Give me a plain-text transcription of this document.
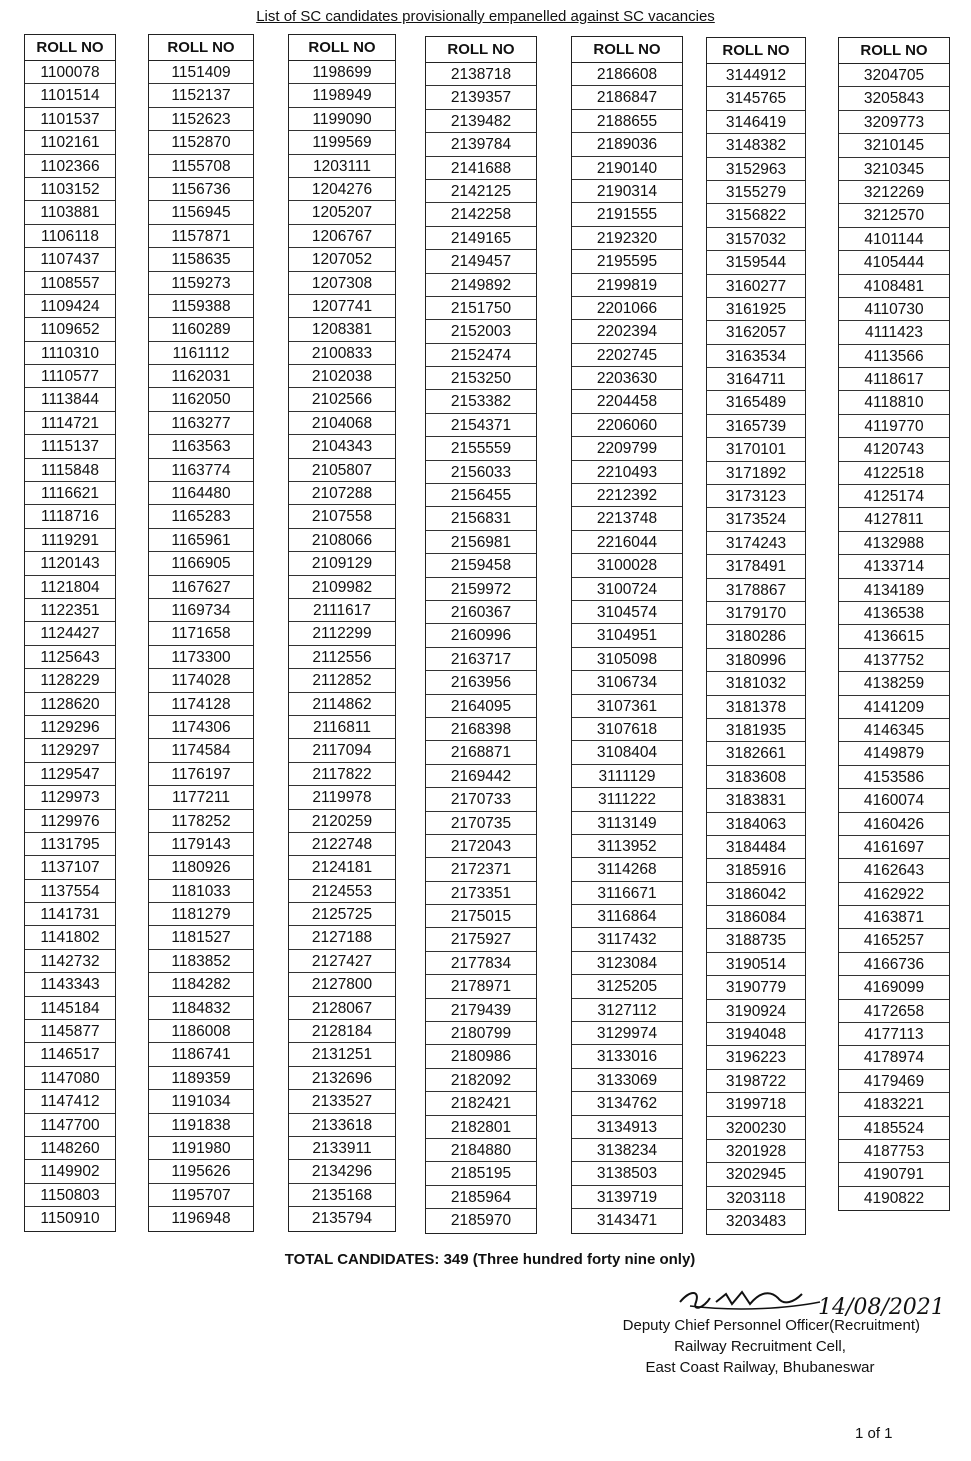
List of SC candidates provisionally empanelled against SC vacancies
ROLL NO
1100078
1101514
1101537
1102161
1102366
1103152
1103881
1106118
1107437
1108557
1109424
1109652
1110310
1110577
1113844
1114721
1115137
1115848
1116621
1118716
1119291
1120143
1121804
1122351
1124427
1125643
1128229
1128620
1129296
1129297
1129547
1129973
1129976
1131795
1137107
1137554
1141731
1141802
1142732
1143343
1145184
1145877
1146517
1147080
1147412
1147700
1148260
1149902
1150803
1150910
ROLL NO
1151409
1152137
1152623
1152870
1155708
1156736
1156945
1157871
1158635
1159273
1159388
1160289
1161112
1162031
1162050
1163277
1163563
1163774
1164480
1165283
1165961
1166905
1167627
1169734
1171658
1173300
1174028
1174128
1174306
1174584
1176197
1177211
1178252
1179143
1180926
1181033
1181279
1181527
1183852
1184282
1184832
1186008
1186741
1189359
1191034
1191838
1191980
1195626
1195707
1196948
ROLL NO
1198699
1198949
1199090
1199569
1203111
1204276
1205207
1206767
1207052
1207308
1207741
1208381
2100833
2102038
2102566
2104068
2104343
2105807
2107288
2107558
2108066
2109129
2109982
2111617
2112299
2112556
2112852
2114862
2116811
2117094
2117822
2119978
2120259
2122748
2124181
2124553
2125725
2127188
2127427
2127800
2128067
2128184
2131251
2132696
2133527
2133618
2133911
2134296
2135168
2135794
ROLL NO
2138718
2139357
2139482
2139784
2141688
2142125
2142258
2149165
2149457
2149892
2151750
2152003
2152474
2153250
2153382
2154371
2155559
2156033
2156455
2156831
2156981
2159458
2159972
2160367
2160996
2163717
2163956
2164095
2168398
2168871
2169442
2170733
2170735
2172043
2172371
2173351
2175015
2175927
2177834
2178971
2179439
2180799
2180986
2182092
2182421
2182801
2184880
2185195
2185964
2185970
ROLL NO
2186608
2186847
2188655
2189036
2190140
2190314
2191555
2192320
2195595
2199819
2201066
2202394
2202745
2203630
2204458
2206060
2209799
2210493
2212392
2213748
2216044
3100028
3100724
3104574
3104951
3105098
3106734
3107361
3107618
3108404
3111129
3111222
3113149
3113952
3114268
3116671
3116864
3117432
3123084
3125205
3127112
3129974
3133016
3133069
3134762
3134913
3138234
3138503
3139719
3143471
ROLL NO
3144912
3145765
3146419
3148382
3152963
3155279
3156822
3157032
3159544
3160277
3161925
3162057
3163534
3164711
3165489
3165739
3170101
3171892
3173123
3173524
3174243
3178491
3178867
3179170
3180286
3180996
3181032
3181378
3181935
3182661
3183608
3183831
3184063
3184484
3185916
3186042
3186084
3188735
3190514
3190779
3190924
3194048
3196223
3198722
3199718
3200230
3201928
3202945
3203118
3203483
ROLL NO
3204705
3205843
3209773
3210145
3210345
3212269
3212570
4101144
4105444
4108481
4110730
4111423
4113566
4118617
4118810
4119770
4120743
4122518
4125174
4127811
4132988
4133714
4134189
4136538
4136615
4137752
4138259
4141209
4146345
4149879
4153586
4160074
4160426
4161697
4162643
4162922
4163871
4165257
4166736
4169099
4172658
4177113
4178974
4179469
4183221
4185524
4187753
4190791
4190822
TOTAL CANDIDATES: 349 (Three hundred forty nine only)
14/08/2021
Deputy Chief Personnel Officer(Recruitment)
Railway Recruitment Cell,
East Coast Railway, Bhubaneswar
1 of 1
